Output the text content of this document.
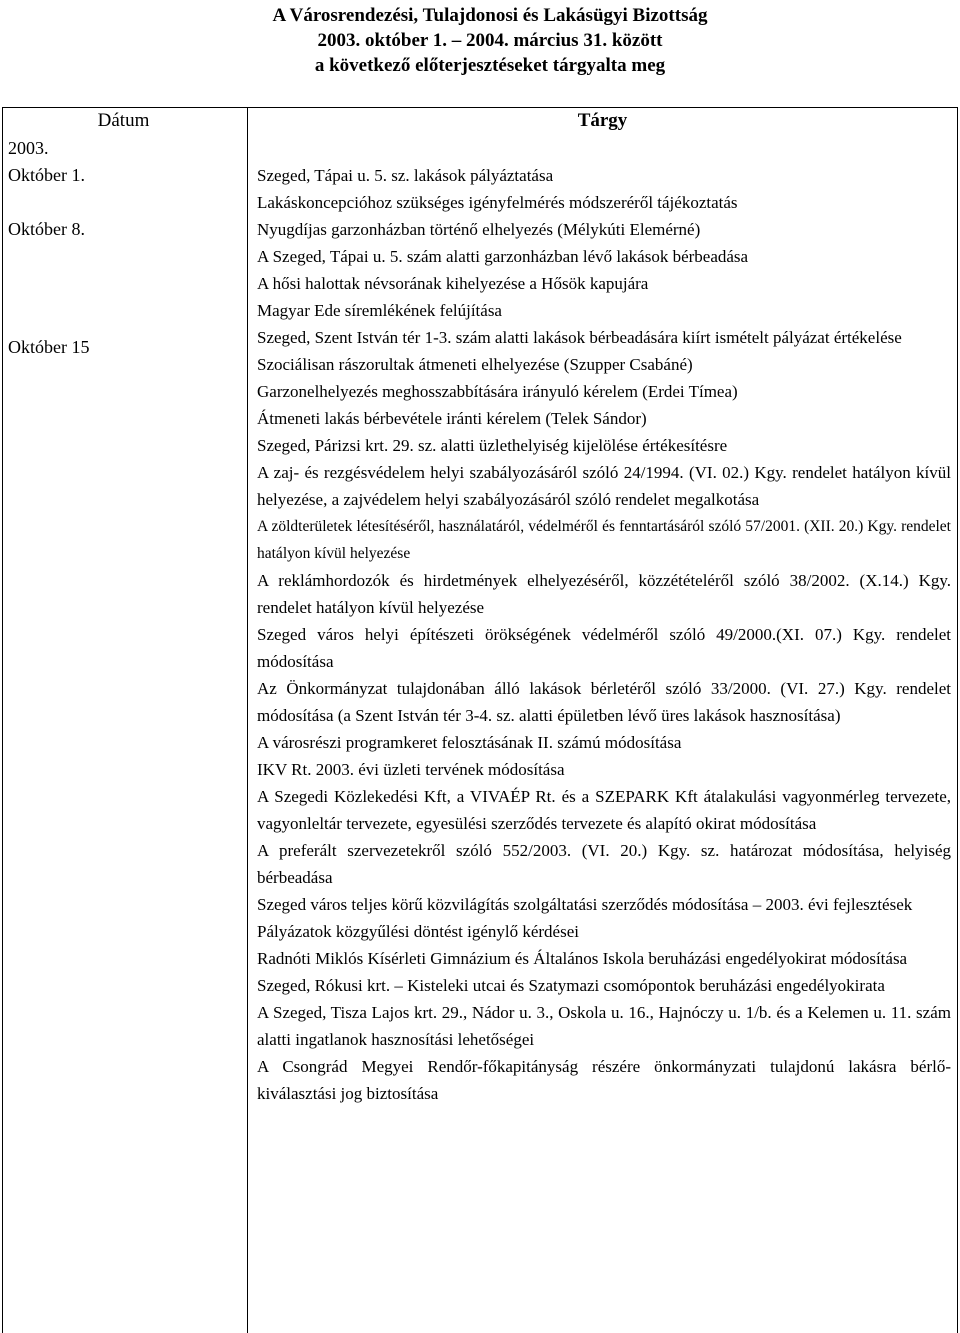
A Városrendezési, Tulajdonosi és Lakásügyi Bizottság
2003. október 1. – 2004. március 31. között
a következő előterjesztéseket tárgyalta meg
Dátum	Tárgy
2003.
Október 1.
Október 8.
Október 15
Szeged, Tápai u. 5. sz. lakások pályáztatása
Lakáskoncepcióhoz szükséges igényfelmérés módszeréről tájékoztatás
Nyugdíjas garzonházban történő elhelyezés (Mélykúti Elemérné)
A Szeged, Tápai u. 5. szám alatti garzonházban lévő lakások bérbeadása
A hősi halottak névsorának kihelyezése a Hősök kapujára
Magyar Ede síremlékének felújítása
Szeged, Szent István tér 1-3. szám alatti lakások bérbeadására kiírt ismételt pályázat értékelése
Szociálisan rászorultak átmeneti elhelyezése (Szupper Csabáné)
Garzonelhelyezés meghosszabbítására irányuló kérelem (Erdei Tímea)
Átmeneti lakás bérbevétele iránti kérelem (Telek Sándor)
Szeged, Párizsi krt. 29. sz. alatti üzlethelyiség kijelölése értékesítésre
A zaj- és rezgésvédelem helyi szabályozásáról szóló 24/1994. (VI. 02.) Kgy. rendelet hatályon kívül helyezése, a zajvédelem helyi szabályozásáról szóló rendelet megalkotása
A zöldterületek létesítéséről, használatáról, védelméről és fenntartásáról szóló 57/2001. (XII. 20.) Kgy. rendelet hatályon kívül helyezése
A reklámhordozók és hirdetmények elhelyezéséről, közzétételéről szóló 38/2002. (X.14.) Kgy. rendelet hatályon kívül helyezése
Szeged város helyi építészeti örökségének védelméről szóló 49/2000.(XI. 07.) Kgy. rendelet módosítása
Az Önkormányzat tulajdonában álló lakások bérletéről szóló 33/2000. (VI. 27.) Kgy. rendelet módosítása (a Szent István tér 3-4. sz. alatti épületben lévő üres lakások hasznosítása)
A városrészi programkeret felosztásának II. számú módosítása
IKV Rt. 2003. évi üzleti tervének módosítása
A Szegedi Közlekedési Kft, a VIVAÉP Rt. és a SZEPARK Kft átalakulási vagyonmérleg tervezete, vagyonleltár tervezete, egyesülési szerződés tervezete és alapító okirat módosítása
A preferált szervezetekről szóló 552/2003. (VI. 20.) Kgy. sz. határozat módosítása, helyiség bérbeadása
Szeged város teljes körű közvilágítás szolgáltatási szerződés módosítása – 2003. évi fejlesztések
Pályázatok közgyűlési döntést igénylő kérdései
Radnóti Miklós Kísérleti Gimnázium és Általános Iskola beruházási engedélyokirat módosítása
Szeged, Rókusi krt. – Kisteleki utcai és Szatymazi csomópontok beruházási engedélyokirata
A Szeged, Tisza Lajos krt. 29., Nádor u. 3., Oskola u. 16., Hajnóczy u. 1/b. és a Kelemen u. 11. szám alatti ingatlanok hasznosítási lehetőségei
A Csongrád Megyei Rendőr-főkapitányság részére önkormányzati tulajdonú lakásra bérlő-kiválasztási jog biztosítása
